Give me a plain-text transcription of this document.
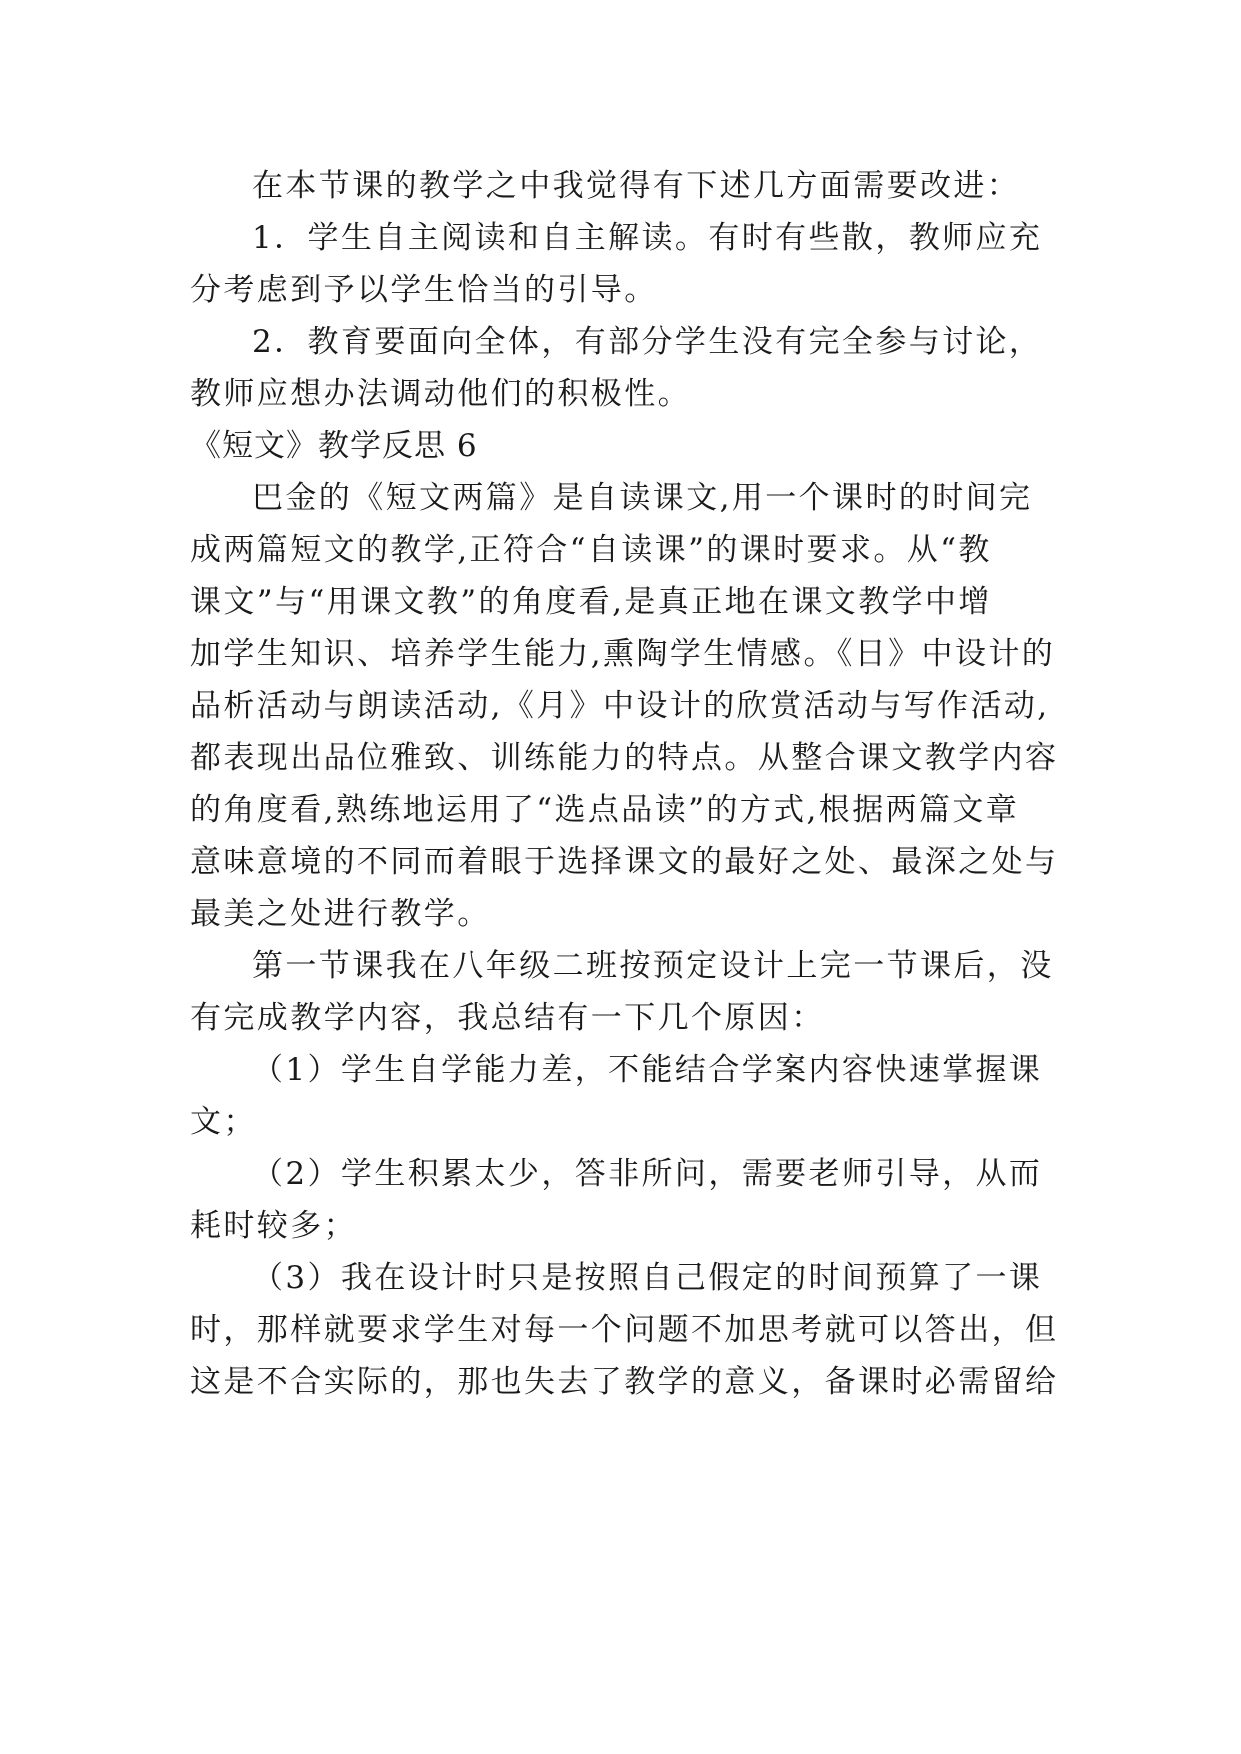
在本节课的教学之中我觉得有下述几方面需要改进：

1．学生自主阅读和自主解读。有时有些散，教师应充
分考虑到予以学生恰当的引导。

2．教育要面向全体，有部分学生没有完全参与讨论，
教师应想办法调动他们的积极性。

《短文》教学反思 6

巴金的《短文两篇》是自读课文,用一个课时的时间完
成两篇短文的教学,正符合“自读课”的课时要求。从“教
课文”与“用课文教”的角度看,是真正地在课文教学中增
加学生知识、培养学生能力,熏陶学生情感。《日》中设计的
品析活动与朗读活动,《月》中设计的欣赏活动与写作活动,
都表现出品位雅致、训练能力的特点。从整合课文教学内容
的角度看,熟练地运用了“选点品读”的方式,根据两篇文章
意味意境的不同而着眼于选择课文的最好之处、最深之处与
最美之处进行教学。

第一节课我在八年级二班按预定设计上完一节课后，没
有完成教学内容，我总结有一下几个原因：

（1）学生自学能力差，不能结合学案内容快速掌握课
文；

（2）学生积累太少，答非所问，需要老师引导，从而
耗时较多；

（3）我在设计时只是按照自己假定的时间预算了一课
时，那样就要求学生对每一个问题不加思考就可以答出，但
这是不合实际的，那也失去了教学的意义，备课时必需留给
